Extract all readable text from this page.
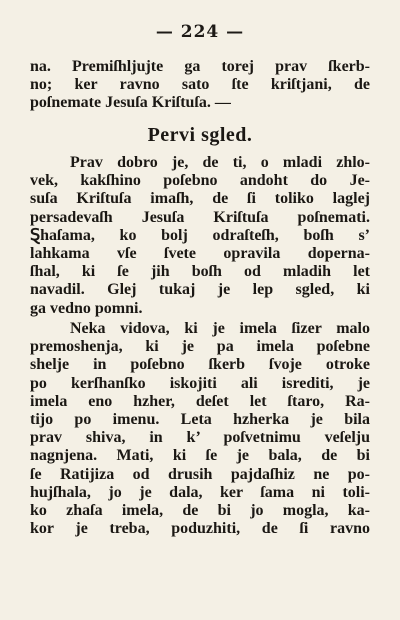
— 224 —
na. Premiſhljujte ga torej prav ſkerb-
no; ker ravno sato ſte kriſtjani, de
poſnemate Jesuſa Kriſtuſa. —
Pervi sgled.
Prav dobro je, de ti, o mladi zhlo-
vek, kakſhino poſebno andoht do Je-
suſa Kriſtuſa imaſh, de ſi toliko laglej
persadevaſh Jesuſa Kriſtuſa poſnemati.
Ȿhaſama, ko bolj odraſteſh, boſh s’
lahkama vſe ſvete opravila doperna-
ſhal, ki ſe jih boſh od mladih let
navadil. Glej tukaj je lep sgled, ki
ga vedno pomni.
Neka vidova, ki je imela ſizer malo
premoshenja, ki je pa imela poſebne
shelje in poſebno ſkerb ſvoje otroke
po kerſhanſko iskojiti ali isrediti, je
imela eno hzher, deſet let ſtaro, Ra-
tijo po imenu. Leta hzherka je bila
prav shiva, in k’ poſvetnimu veſelju
nagnjena. Mati, ki ſe je bala, de bi
ſe Ratijiza od drusih pajdaſhiz ne po-
hujſhala, jo je dala, ker ſama ni toli-
ko zhaſa imela, de bi jo mogla, ka-
kor je treba, poduzhiti, de ſi ravno
